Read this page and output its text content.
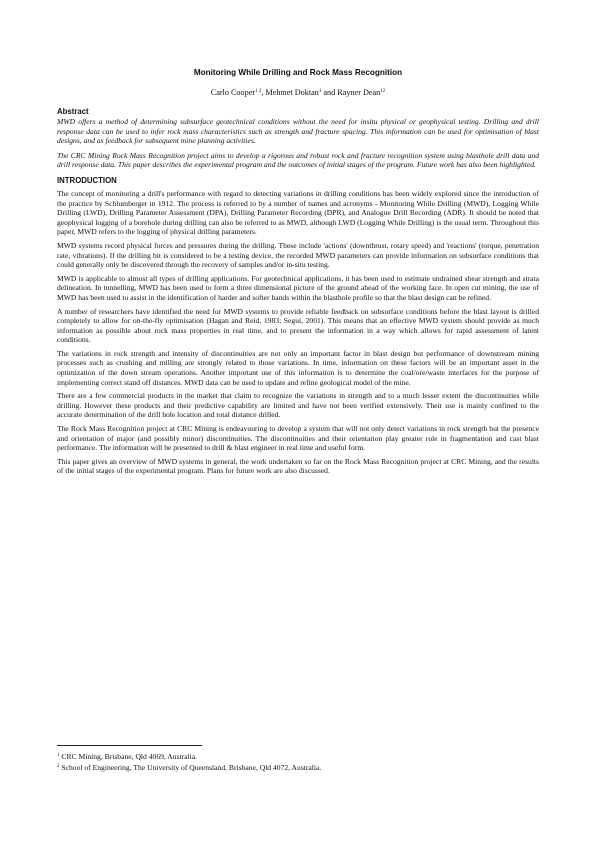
Monitoring While Drilling and Rock Mass Recognition
Carlo Cooper$^{1 2}$, Mehmet Doktan$^1$ and Rayner Dean$^{12}$
Abstract

MWD offers a method of determining subsurface geotechnical conditions without the need for insitu physical or geophysical testing. Drilling and drill response data can be used to infer rock mass characteristics such as strength and fracture spacing. This information can be used for optimisation of blast designs, and as feedback for subsequent mine planning activities.

The CRC Mining Rock Mass Recognition project aims to develop a rigorous and robust rock and fracture recognition system using blasthole drill data and drill response data. This paper describes the experimental program and the outcomes of initial stages of the program. Future work has also been highlighted.

INTRODUCTION

The concept of monitoring a drill's performance with regard to detecting variations in drilling conditions has been widely explored since the introduction of the practice by Schlumberger in 1912. The process is referred to by a number of names and acronyms - Monitoring While Drilling (MWD), Logging While Drilling (LWD), Drilling Parameter Assessment (DPA), Drilling Parameter Recording (DPR), and Analogue Drill Recording (ADR). It should be noted that geophysical logging of a borehole during drilling can also be referred to as MWD, although LWD (Logging While Drilling) is the usual term. Throughout this paper, MWD refers to the logging of physical drilling parameters.

MWD systems record physical forces and pressures during the drilling. These include 'actions' (downthrust, rotary speed) and 'reactions' (torque, penetration rate, vibrations). If the drilling bit is considered to be a testing device, the recorded MWD parameters can provide information on subsurface conditions that could generally only be discovered through the recovery of samples and/or in-situ testing.

MWD is applicable to almost all types of drilling applications. For geotechnical applications, it has been used to estimate undrained shear strength and strata delineation. In tunnelling, MWD has been used to form a three dimensional picture of the ground ahead of the working face. In open cut mining, the use of MWD has been used to assist in the identification of harder and softer bands within the blasthole profile so that the blast design can be refined.

A number of researchers have identified the need for MWD systems to provide reliable feedback on subsurface conditions before the blast layout is drilled completely to allow for on-the-fly optimisation (Hagan and Reid, 1983; Segui, 2001). This means that an effective MWD system should provide as much information as possible about rock mass properties in real time, and to present the information in a way which allows for rapid assessment of latent conditions.

The variations in rock strength and intensity of discontinuities are not only an important factor in blast design but performance of downstream mining processes such as crushing and milling are strongly related to those variations. In time, information on these factors will be an important asset in the optimization of the down stream operations. Another important use of this information is to determine the coal/ore/waste interfaces for the purpose of implementing correct stand off distances. MWD data can be used to update and refine geological model of the mine.

There are a few commercial products in the market that claim to recognize the variations in strength and to a much lesser extent the discontinuities while drilling. However these products and their predictive capability are limited and have not been verified extensively. Their use is mainly confined to the accurate determination of the drill hole location and total distance drilled.

The Rock Mass Recognition project at CRC Mining is endeavouring to develop a system that will not only detect variations in rock strength but the presence and orientation of major (and possibly minor) discontinuities. The discontinuities and their orientation play greater role in fragmentation and cast blast performance. The information will be presented to drill & blast engineer in real time and useful form.

This paper gives an overview of MWD systems in general, the work undertaken so far on the Rock Mass Recognition project at CRC Mining, and the results of the initial stages of the experimental program. Plans for future work are also discussed.

$^1$ CRC Mining, Brisbane, Qld 4069, Australia.
$^2$ School of Engineering, The University of Queensland, Brisbane, Qld 4072, Australia.
